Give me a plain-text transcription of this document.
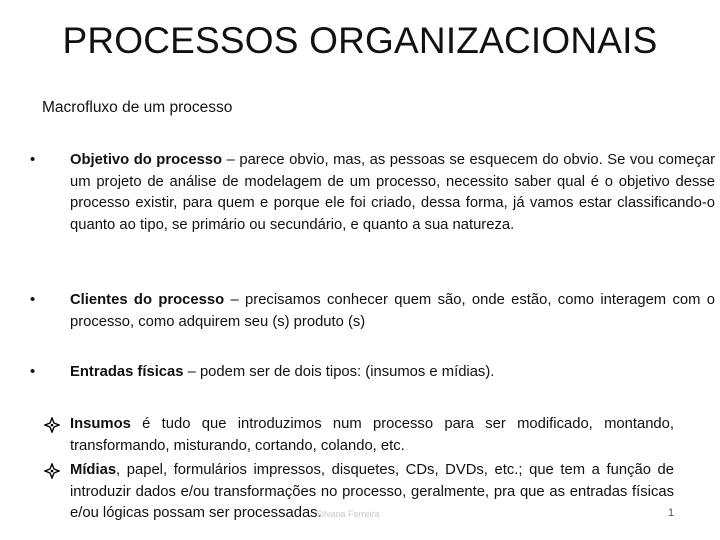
PROCESSOS ORGANIZACIONAIS
Macrofluxo de um processo
• Objetivo do processo – parece obvio, mas, as pessoas se esquecem do obvio. Se vou começar um projeto de análise de modelagem de um processo, necessito saber qual é o objetivo desse processo existir, para quem e porque ele foi criado, dessa forma, já vamos estar classificando-o quanto ao tipo, se primário ou secundário, e quanto a sua natureza.
• Clientes do processo – precisamos conhecer quem são, onde estão, como interagem com o processo, como adquirem seu (s) produto (s)
• Entradas físicas – podem ser de dois tipos: (insumos e mídias).
Insumos é tudo que introduzimos num processo para ser modificado, montando, transformando, misturando, cortando, colando, etc.
Mídias, papel, formulários impressos, disquetes, CDs, DVDs, etc.; que tem a função de introduzir dados e/ou transformações no processo, geralmente, pra que as entradas físicas e/ou lógicas possam ser processadas.
Silvana Ferreira	1
